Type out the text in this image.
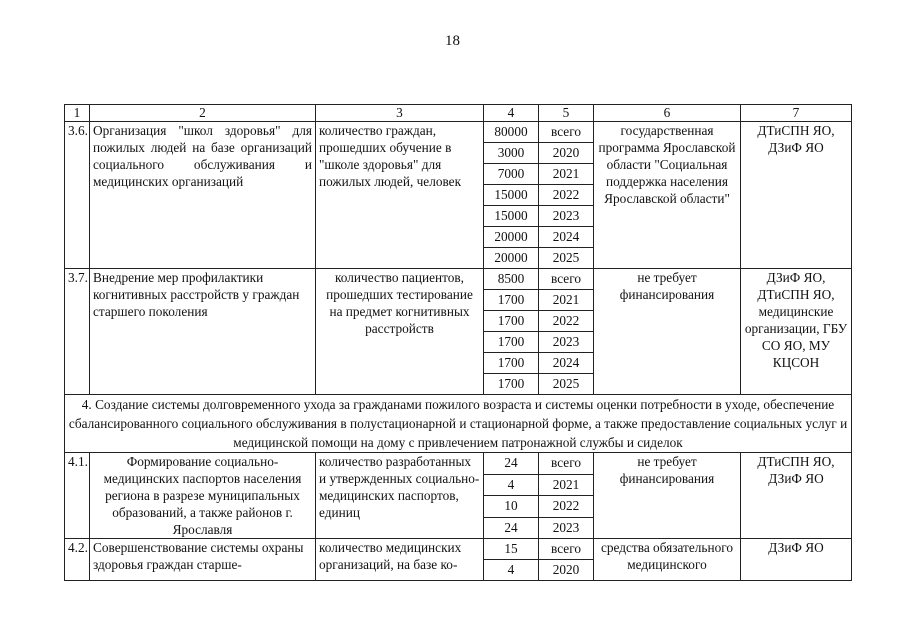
18
1	2	3	4	5	6	7
3.6.	Организация "школ здоровья" для пожилых людей на базе организаций социального обслуживания и медицинских организаций	количество граждан, прошедших обучение в "школе здоровья" для пожилых людей, человек	80000	всего	государственная программа Ярославской области "Социальная поддержка населения Ярославской области"	ДТиСПН ЯО, ДЗиФ ЯО
			3000	2020		
			7000	2021		
			15000	2022		
			15000	2023		
			20000	2024		
			20000	2025		
3.7.	Внедрение мер профилактики когнитивных расстройств у граждан старшего поколения	количество пациентов, прошедших тестирование на предмет когнитивных расстройств	8500	всего	не требует финансирования	ДЗиФ ЯО, ДТиСПН ЯО, медицинские организации, ГБУ СО ЯО, МУ КЦСОН
			1700	2021		
			1700	2022		
			1700	2023		
			1700	2024		
			1700	2025		
4. Создание системы долговременного ухода за гражданами пожилого возраста и системы оценки потребности в уходе, обеспечение сбалансированного социального обслуживания в полустационарной и стационарной форме, а также предоставление социальных услуг и медицинской помощи на дому с привлечением патронажной службы и сиделок						
4.1.	Формирование социально-медицинских паспортов населения региона в разрезе муниципальных образований, а также районов г. Ярославля	количество разработанных и утвержденных социально-медицинских паспортов, единиц	24	всего	не требует финансирования	ДТиСПН ЯО, ДЗиФ ЯО
			4	2021		
			10	2022		
			24	2023		
4.2.	Совершенствование системы охраны здоровья граждан старше-	количество медицинских организаций, на базе ко-	15	всего	средства обязательного медицинского	ДЗиФ ЯО
			4	2020		
